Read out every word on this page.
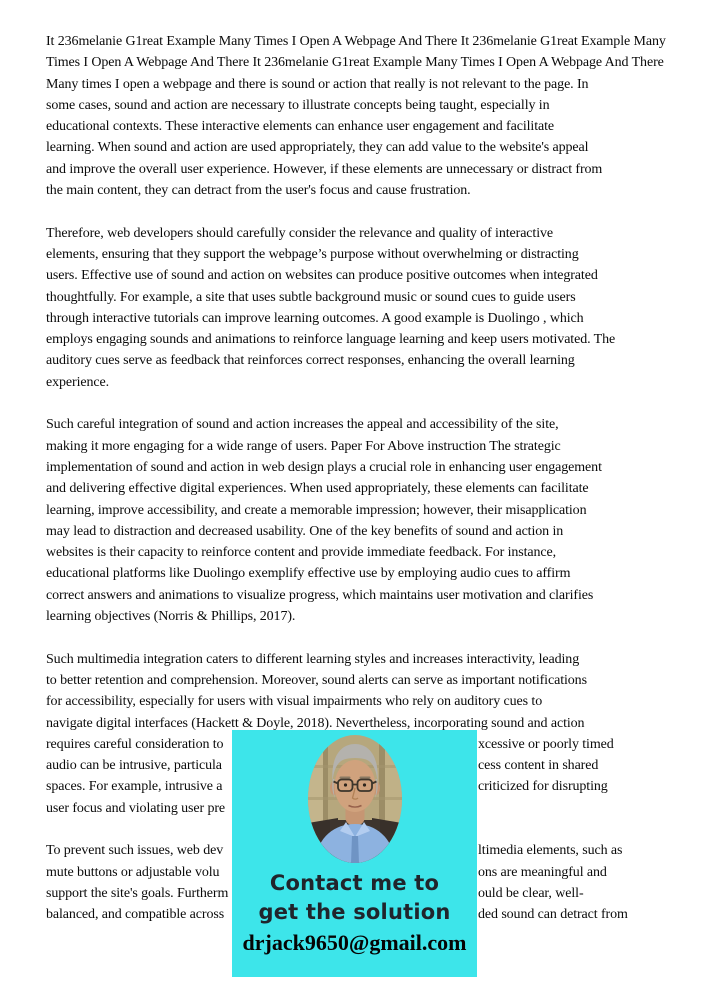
It 236melanie G1reat Example Many Times I Open A Webpage And There It 236melanie G1reat Example Many
Times I Open A Webpage And There It 236melanie G1reat Example Many Times I Open A Webpage And There
Many times I open a webpage and there is sound or action that really is not relevant to the page. In
some cases, sound and action are necessary to illustrate concepts being taught, especially in
educational contexts. These interactive elements can enhance user engagement and facilitate
learning. When sound and action are used appropriately, they can add value to the website's appeal
and improve the overall user experience. However, if these elements are unnecessary or distract from
the main content, they can detract from the user's focus and cause frustration.
Therefore, web developers should carefully consider the relevance and quality of interactive
elements, ensuring that they support the webpage’s purpose without overwhelming or distracting
users. Effective use of sound and action on websites can produce positive outcomes when integrated
thoughtfully. For example, a site that uses subtle background music or sound cues to guide users
through interactive tutorials can improve learning outcomes. A good example is Duolingo , which
employs engaging sounds and animations to reinforce language learning and keep users motivated. The
auditory cues serve as feedback that reinforces correct responses, enhancing the overall learning
experience.
Such careful integration of sound and action increases the appeal and accessibility of the site,
making it more engaging for a wide range of users. Paper For Above instruction The strategic
implementation of sound and action in web design plays a crucial role in enhancing user engagement
and delivering effective digital experiences. When used appropriately, these elements can facilitate
learning, improve accessibility, and create a memorable impression; however, their misapplication
may lead to distraction and decreased usability. One of the key benefits of sound and action in
websites is their capacity to reinforce content and provide immediate feedback. For instance,
educational platforms like Duolingo exemplify effective use by employing audio cues to affirm
correct answers and animations to visualize progress, which maintains user motivation and clarifies
learning objectives (Norris & Phillips, 2017).
Such multimedia integration caters to different learning styles and increases interactivity, leading
to better retention and comprehension. Moreover, sound alerts can serve as important notifications
for accessibility, especially for users with visual impairments who rely on auditory cues to
navigate digital interfaces (Hackett & Doyle, 2018). Nevertheless, incorporating sound and action
requires careful consideration to	xcessive or poorly timed
audio can be intrusive, particula	cess content in shared
spaces. For example, intrusive a	criticized for disrupting
user focus and violating user pre
To prevent such issues, web dev	ltimedia elements, such as
mute buttons or adjustable volu	ons are meaningful and
support the site's goals. Furtherm	ould be clear, well-
balanced, and compatible across	ded sound can detract from
Contact me to
get the solution
drjack9650@gmail.com
